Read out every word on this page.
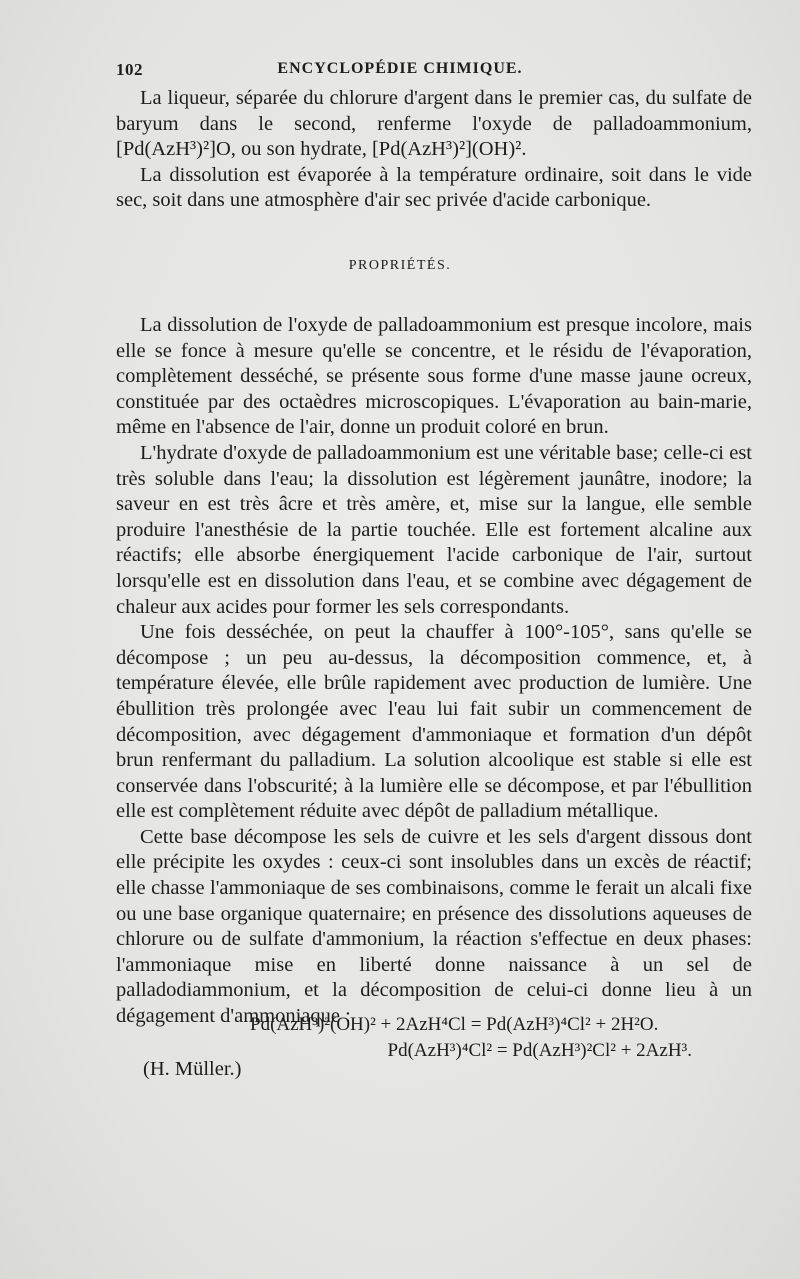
102	ENCYCLOPÉDIE CHIMIQUE.

La liqueur, séparée du chlorure d'argent dans le premier cas, du sulfate de baryum dans le second, renferme l'oxyde de palladoammonium, [Pd(AzH³)²]O, ou son hydrate, [Pd(AzH³)²](OH)².

La dissolution est évaporée à la température ordinaire, soit dans le vide sec, soit dans une atmosphère d'air sec privée d'acide carbonique.

PROPRIÉTÉS.

La dissolution de l'oxyde de palladoammonium est presque incolore, mais elle se fonce à mesure qu'elle se concentre, et le résidu de l'évaporation, complètement desséché, se présente sous forme d'une masse jaune ocreux, constituée par des octaèdres microscopiques. L'évaporation au bain-marie, même en l'absence de l'air, donne un produit coloré en brun.

L'hydrate d'oxyde de palladoammonium est une véritable base; celle-ci est très soluble dans l'eau; la dissolution est légèrement jaunâtre, inodore; la saveur en est très âcre et très amère, et, mise sur la langue, elle semble produire l'anesthésie de la partie touchée. Elle est fortement alcaline aux réactifs; elle absorbe énergiquement l'acide carbonique de l'air, surtout lorsqu'elle est en dissolution dans l'eau, et se combine avec dégagement de chaleur aux acides pour former les sels correspondants.

Une fois desséchée, on peut la chauffer à 100°-105°, sans qu'elle se décompose ; un peu au-dessus, la décomposition commence, et, à température élevée, elle brûle rapidement avec production de lumière. Une ébullition très prolongée avec l'eau lui fait subir un commencement de décomposition, avec dégagement d'ammoniaque et formation d'un dépôt brun renfermant du palladium. La solution alcoolique est stable si elle est conservée dans l'obscurité; à la lumière elle se décompose, et par l'ébullition elle est complètement réduite avec dépôt de palladium métallique.

Cette base décompose les sels de cuivre et les sels d'argent dissous dont elle précipite les oxydes : ceux-ci sont insolubles dans un excès de réactif; elle chasse l'ammoniaque de ses combinaisons, comme le ferait un alcali fixe ou une base organique quaternaire; en présence des dissolutions aqueuses de chlorure ou de sulfate d'ammonium, la réaction s'effectue en deux phases: l'ammoniaque mise en liberté donne naissance à un sel de palladodiammonium, et la décomposition de celui-ci donne lieu à un dégagement d'ammoniaque :

Pd(AzH³)²(OH)² + 2AzH⁴Cl = Pd(AzH³)⁴Cl² + 2H²O.
Pd(AzH³)⁴Cl² = Pd(AzH³)²Cl² + 2AzH³.
(H. Müller.)
